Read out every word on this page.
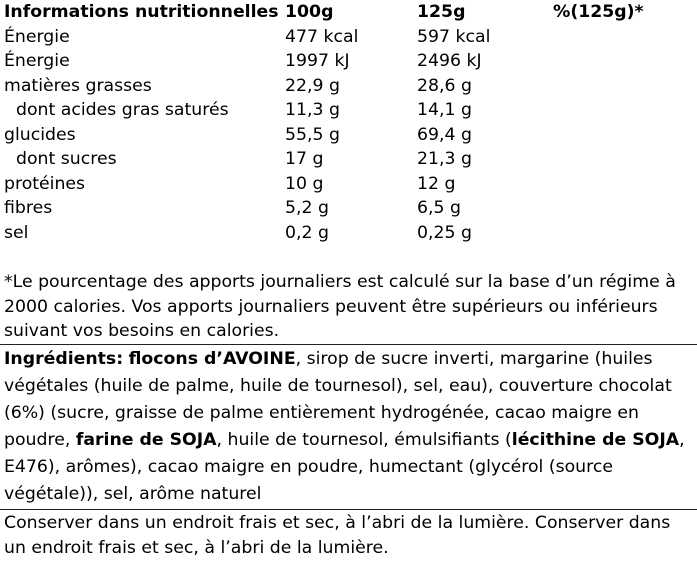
Informations nutritionnelles	100g	125g	%(125g)*
Énergie	477 kcal	597 kcal	
Énergie	1997 kJ	2496 kJ	
matières grasses	22,9 g	28,6 g	
dont acides gras saturés	11,3 g	14,1 g	
glucides	55,5 g	69,4 g	
dont sucres	17 g	21,3 g	
protéines	10 g	12 g	
fibres	5,2 g	6,5 g	
sel	0,2 g	0,25 g	
*Le pourcentage des apports journaliers est calculé sur la base d’un régime à 2000 calories. Vos apports journaliers peuvent être supérieurs ou inférieurs suivant vos besoins en calories.
Ingrédients: flocons d’AVOINE, sirop de sucre inverti, margarine (huiles végétales (huile de palme, huile de tournesol), sel, eau), couverture chocolat (6%) (sucre, graisse de palme entièrement hydrogénée, cacao maigre en poudre, farine de SOJA, huile de tournesol, émulsifiants (lécithine de SOJA, E476), arômes), cacao maigre en poudre, humectant (glycérol (source végétale)), sel, arôme naturel
Conserver dans un endroit frais et sec, à l’abri de la lumière. Conserver dans un endroit frais et sec, à l’abri de la lumière.
